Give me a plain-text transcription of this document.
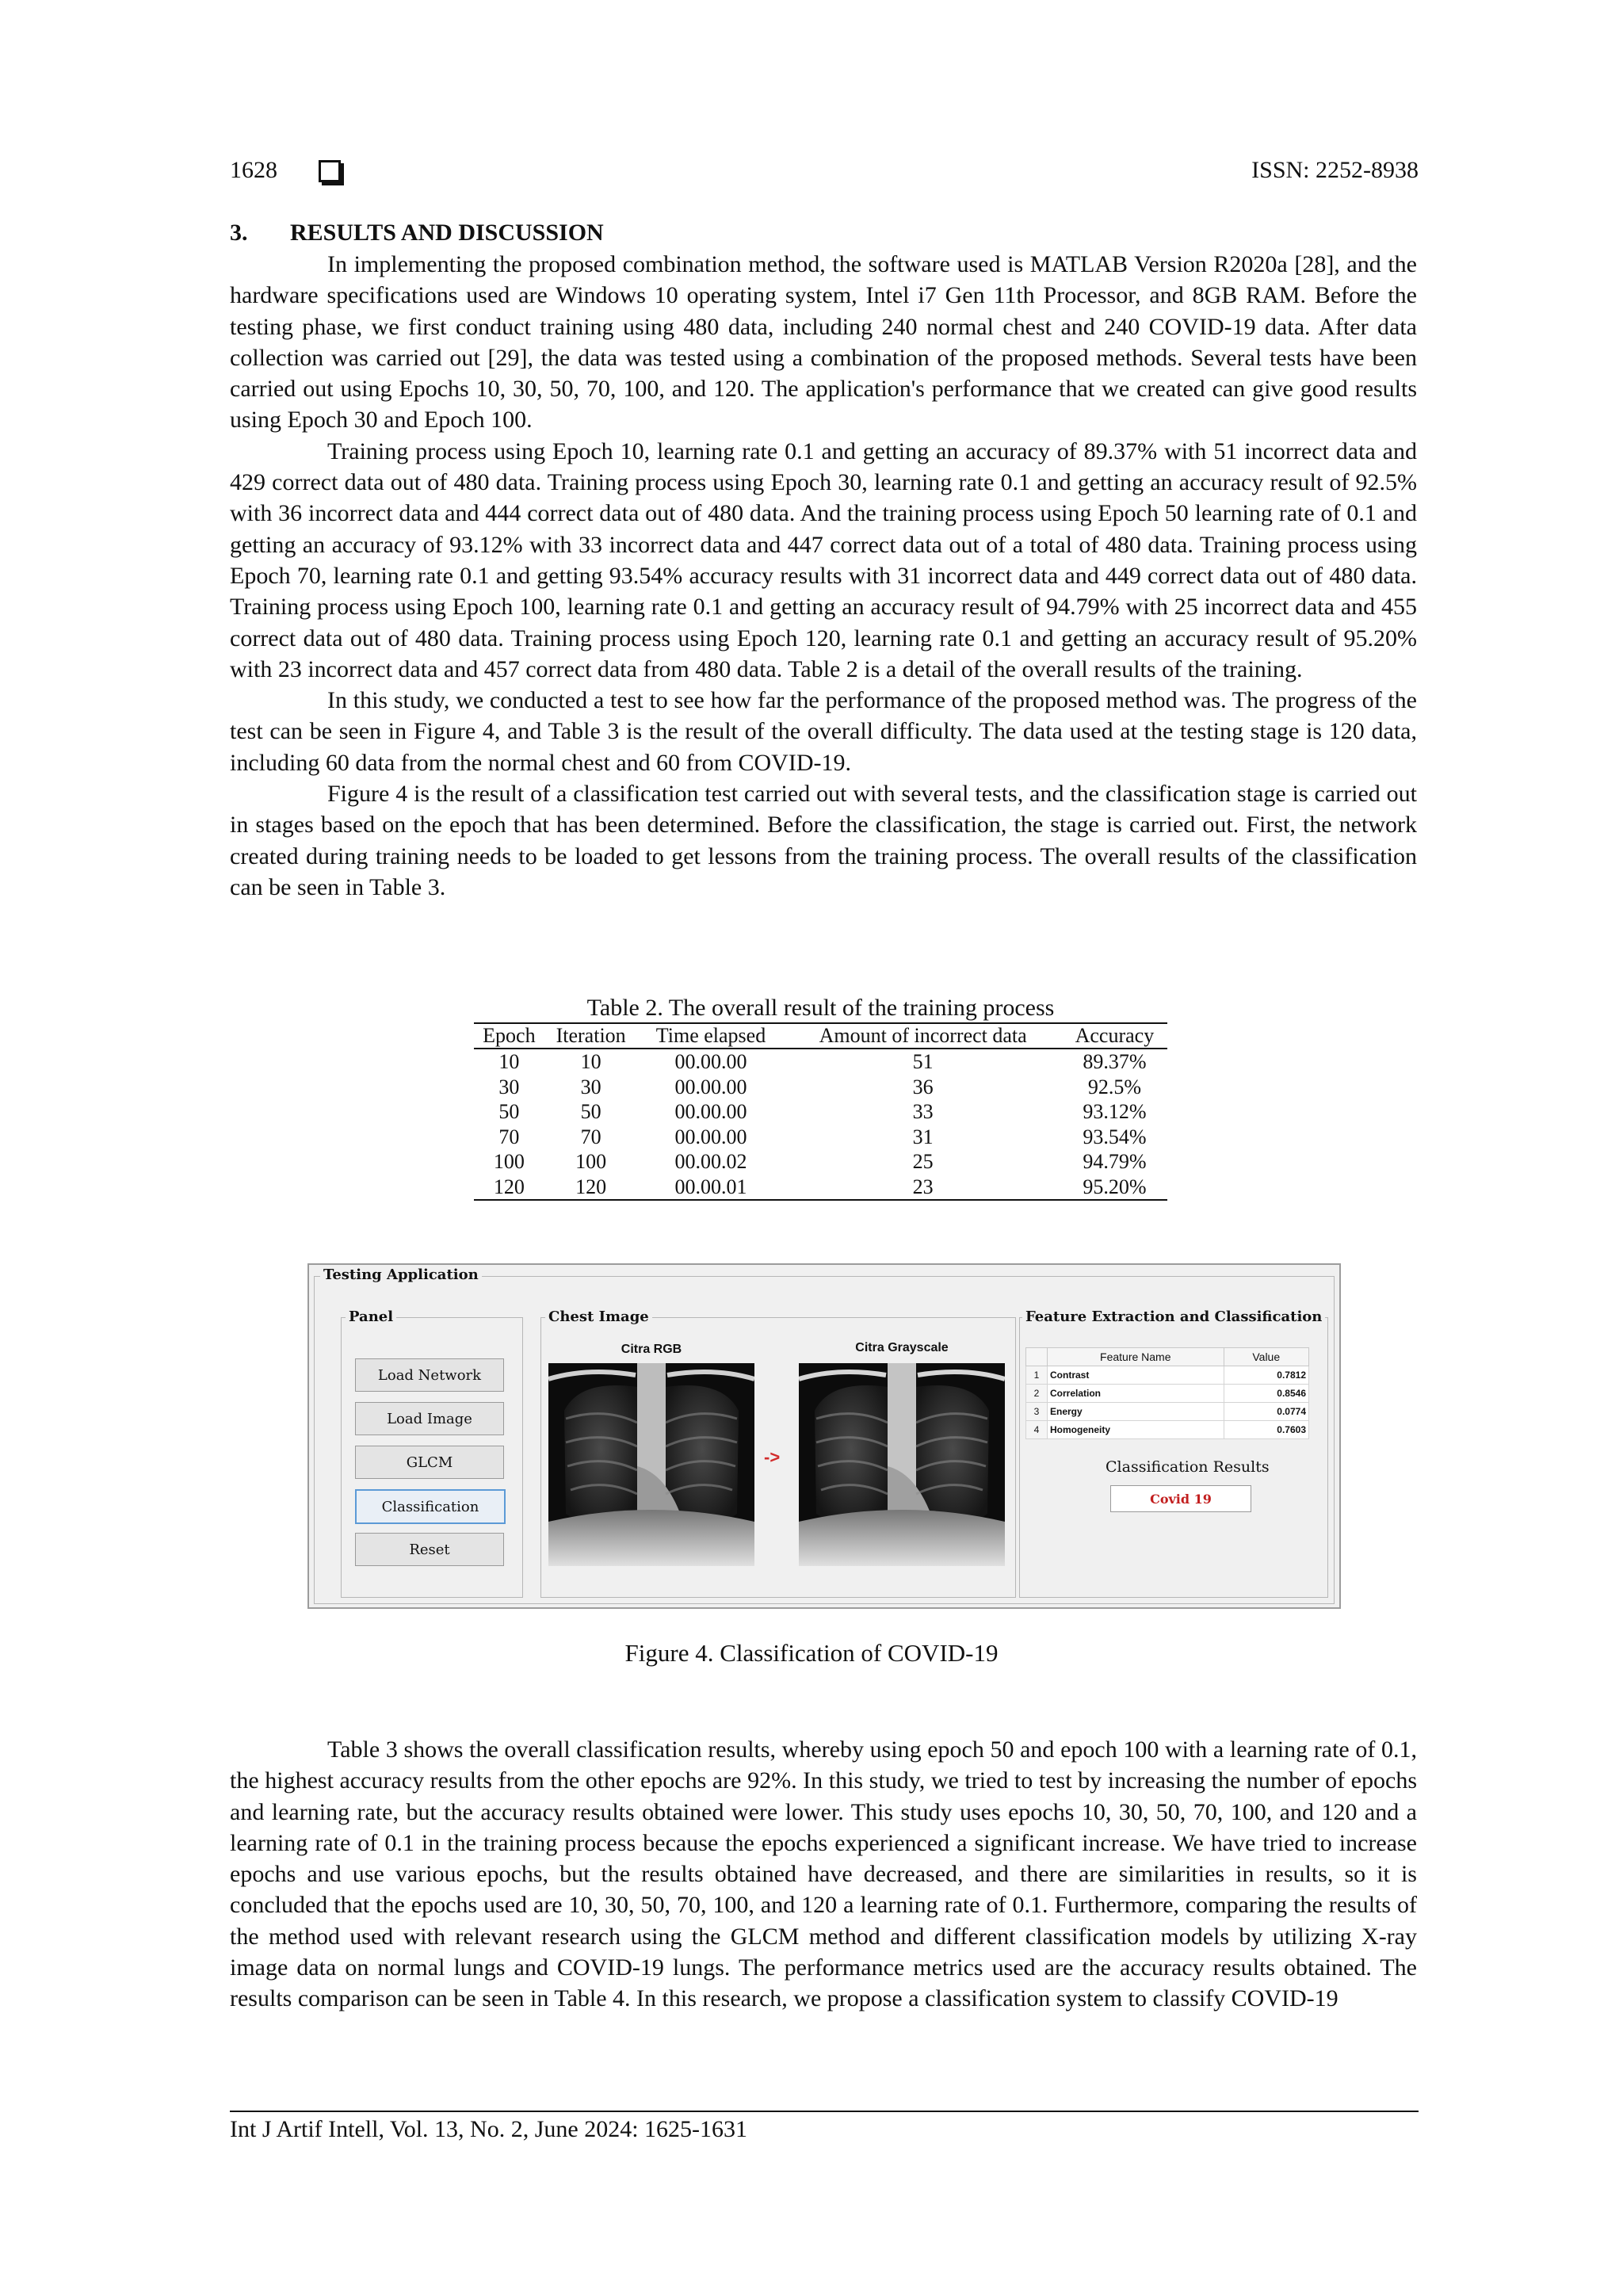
1628	ISSN: 2252-8938
3. RESULTS AND DISCUSSION

In implementing the proposed combination method, the software used is MATLAB Version R2020a [28], and the hardware specifications used are Windows 10 operating system, Intel i7 Gen 11th Processor, and 8GB RAM. Before the testing phase, we first conduct training using 480 data, including 240 normal chest and 240 COVID-19 data. After data collection was carried out [29], the data was tested using a combination of the proposed methods. Several tests have been carried out using Epochs 10, 30, 50, 70, 100, and 120. The application's performance that we created can give good results using Epoch 30 and Epoch 100.

Training process using Epoch 10, learning rate 0.1 and getting an accuracy of 89.37% with 51 incorrect data and 429 correct data out of 480 data. Training process using Epoch 30, learning rate 0.1 and getting an accuracy result of 92.5% with 36 incorrect data and 444 correct data out of 480 data. And the training process using Epoch 50 learning rate of 0.1 and getting an accuracy of 93.12% with 33 incorrect data and 447 correct data out of a total of 480 data. Training process using Epoch 70, learning rate 0.1 and getting 93.54% accuracy results with 31 incorrect data and 449 correct data out of 480 data. Training process using Epoch 100, learning rate 0.1 and getting an accuracy result of 94.79% with 25 incorrect data and 455 correct data out of 480 data. Training process using Epoch 120, learning rate 0.1 and getting an accuracy result of 95.20% with 23 incorrect data and 457 correct data from 480 data. Table 2 is a detail of the overall results of the training.

In this study, we conducted a test to see how far the performance of the proposed method was. The progress of the test can be seen in Figure 4, and Table 3 is the result of the overall difficulty. The data used at the testing stage is 120 data, including 60 data from the normal chest and 60 from COVID-19.

Figure 4 is the result of a classification test carried out with several tests, and the classification stage is carried out in stages based on the epoch that has been determined. Before the classification, the stage is carried out. First, the network created during training needs to be loaded to get lessons from the training process. The overall results of the classification can be seen in Table 3.

Table 2. The overall result of the training process
Epoch	Iteration	Time elapsed	Amount of incorrect data	Accuracy
10	10	00.00.00	51	89.37%
30	30	00.00.00	36	92.5%
50	50	00.00.00	33	93.12%
70	70	00.00.00	31	93.54%
100	100	00.00.02	25	94.79%
120	120	00.00.01	23	95.20%
Testing Application
Panel
Load Network
Load Image
GLCM
Classification
Reset
Chest Image
Citra RGB	Citra Grayscale
->
Feature Extraction and Classification
	Feature Name	Value
1	Contrast	0.7812
2	Correlation	0.8546
3	Energy	0.0774
4	Homogeneity	0.7603
Classification Results
Covid 19
Figure 4. Classification of COVID-19

Table 3 shows the overall classification results, whereby using epoch 50 and epoch 100 with a learning rate of 0.1, the highest accuracy results from the other epochs are 92%. In this study, we tried to test by increasing the number of epochs and learning rate, but the accuracy results obtained were lower. This study uses epochs 10, 30, 50, 70, 100, and 120 and a learning rate of 0.1 in the training process because the epochs experienced a significant increase. We have tried to increase epochs and use various epochs, but the results obtained have decreased, and there are similarities in results, so it is concluded that the epochs used are 10, 30, 50, 70, 100, and 120 a learning rate of 0.1. Furthermore, comparing the results of the method used with relevant research using the GLCM method and different classification models by utilizing X-ray image data on normal lungs and COVID-19 lungs. The performance metrics used are the accuracy results obtained. The results comparison can be seen in Table 4. In this research, we propose a classification system to classify COVID-19

Int J Artif Intell, Vol. 13, No. 2, June 2024: 1625-1631
